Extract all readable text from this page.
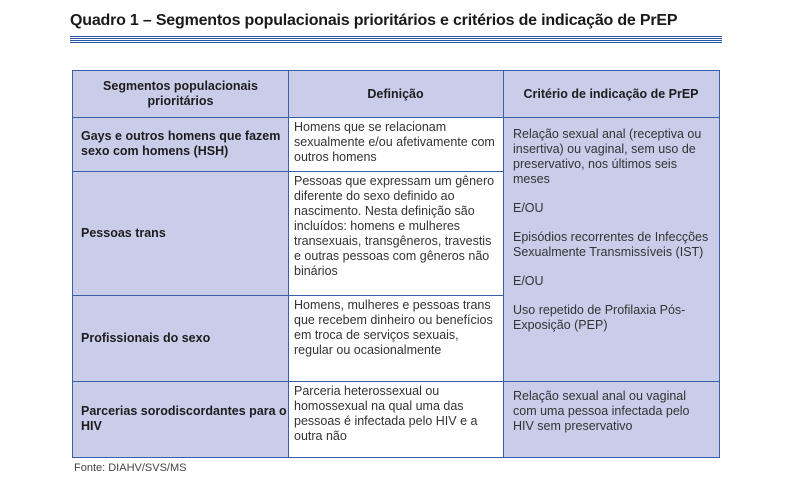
Quadro 1 – Segmentos populacionais prioritários e critérios de indicação de PrEP
Segmentos populacionais prioritários
Definição	Critério de indicação de PrEP
Gays e outros homens que fazem sexo com homens (HSH)
Homens que se relacionam sexualmente e/ou afetivamente com outros homens
Pessoas trans
Pessoas que expressam um gênero diferente do sexo definido ao nascimento. Nesta definição são incluídos: homens e mulheres transexuais, transgêneros, travestis e outras pessoas com gêneros não binários
Profissionais do sexo
Homens, mulheres e pessoas trans que recebem dinheiro ou benefícios em troca de serviços sexuais, regular ou ocasionalmente
Parcerias sorodiscordantes para o HIV
Parceria heterossexual ou homossexual na qual uma das pessoas é infectada pelo HIV e a outra não
Relação sexual anal (receptiva ou insertiva) ou vaginal, sem uso de preservativo, nos últimos seis meses
E/OU
Episódios recorrentes de Infecções Sexualmente Transmissíveis (IST)
E/OU
Uso repetido de Profilaxia Pós-Exposição (PEP)
Relação sexual anal ou vaginal com uma pessoa infectada pelo HIV sem preservativo
Fonte: DIAHV/SVS/MS
